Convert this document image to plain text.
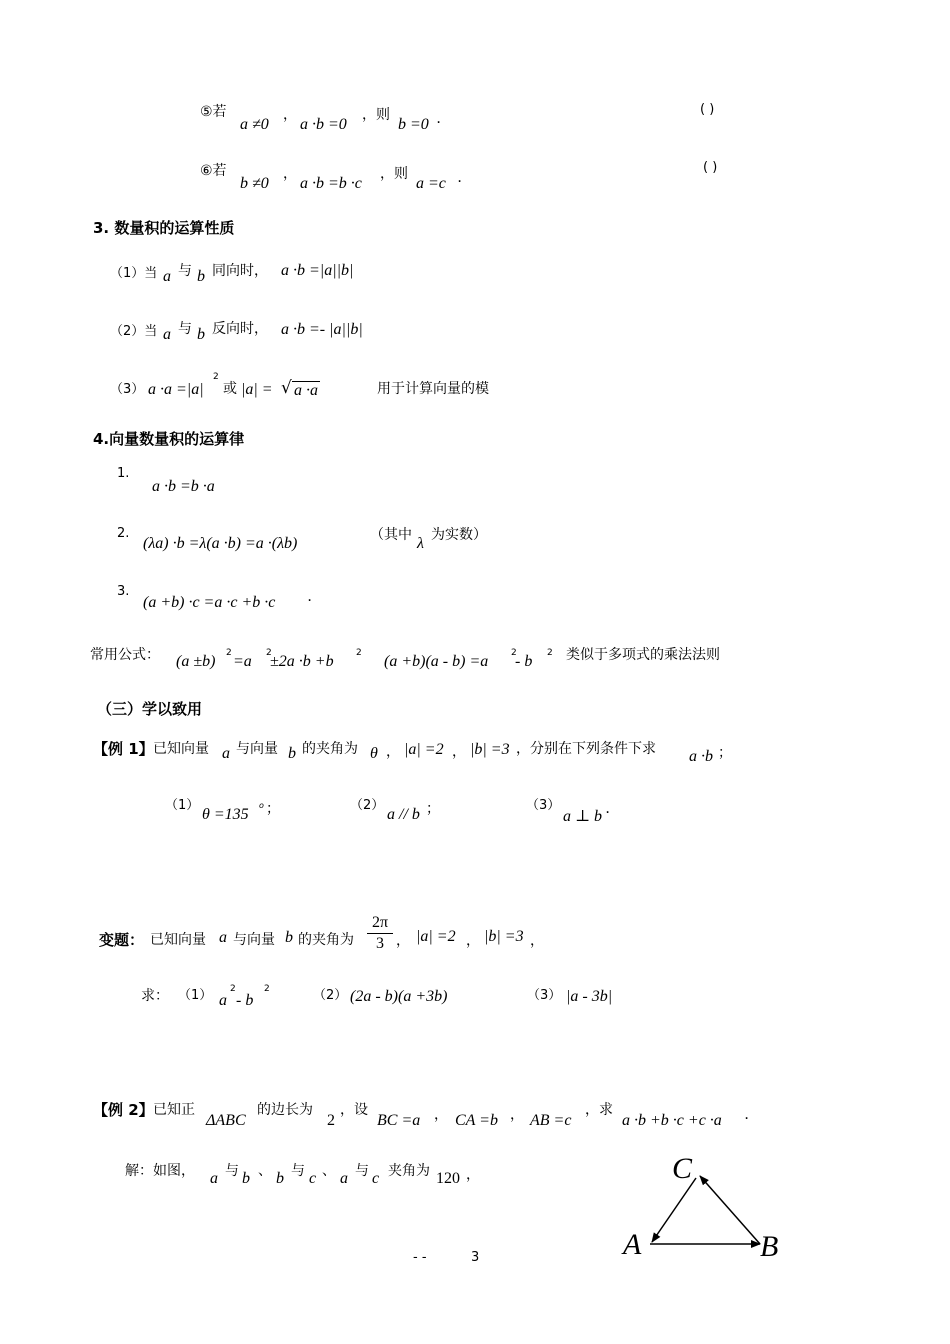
⑤若
a ≠0
，
a ·b =0
，则
b =0 .
( )
⑥若
b ≠0
，
a ·b =b ·c
，则
a =c .
( )
3. 数量积的运算性质
（1）当 a 与 b 同向时， a ·b =|a||b|
（2）当 a 与 b 反向时， a ·b =- |a||b|
（3） a ·a =|a|
2
或 |a| = √ a ·a	用于计算向量的模
4.向量数量积的运算律
1.
a ·b =b ·a
2.
(λa) ·b =λ(a ·b) =a ·(λb)	（其中 λ 为实数）
3.
(a +b) ·c =a ·c +b ·c .
常用公式： (a ±b) 2 =a 2
±2a ·b +b 2 (a +b)(a - b) =a	2
- b 2 类似于多项式的乘法法则
（三）学以致用
【例 1】 已知向量 a 与向量 b 的夹角为 θ ， |a| =2 ， |b| =3 ，分别在下列条件下求 a ·b ；
（1）
θ =135
o ；	（2）
a // b ；	（3）
a ⊥ b .
变题： 已知向量 a 与向量 b 的夹角为
2π
3 ， |a| =2 ， |b| =3 ，
求： （1） a
2
- b
2	（2） (2a - b)(a +3b)	（3） |a - 3b|
【例 2】 已知正
ΔABC
的边长为
2
，设
BC =a ， CA =b ， AB =c
，求
a ·b +b ·c +c ·a .
解：如图， a 与 b 、 b 与 c 、 a 与 c 夹角为 120 ，	C
A	B
- -	3
